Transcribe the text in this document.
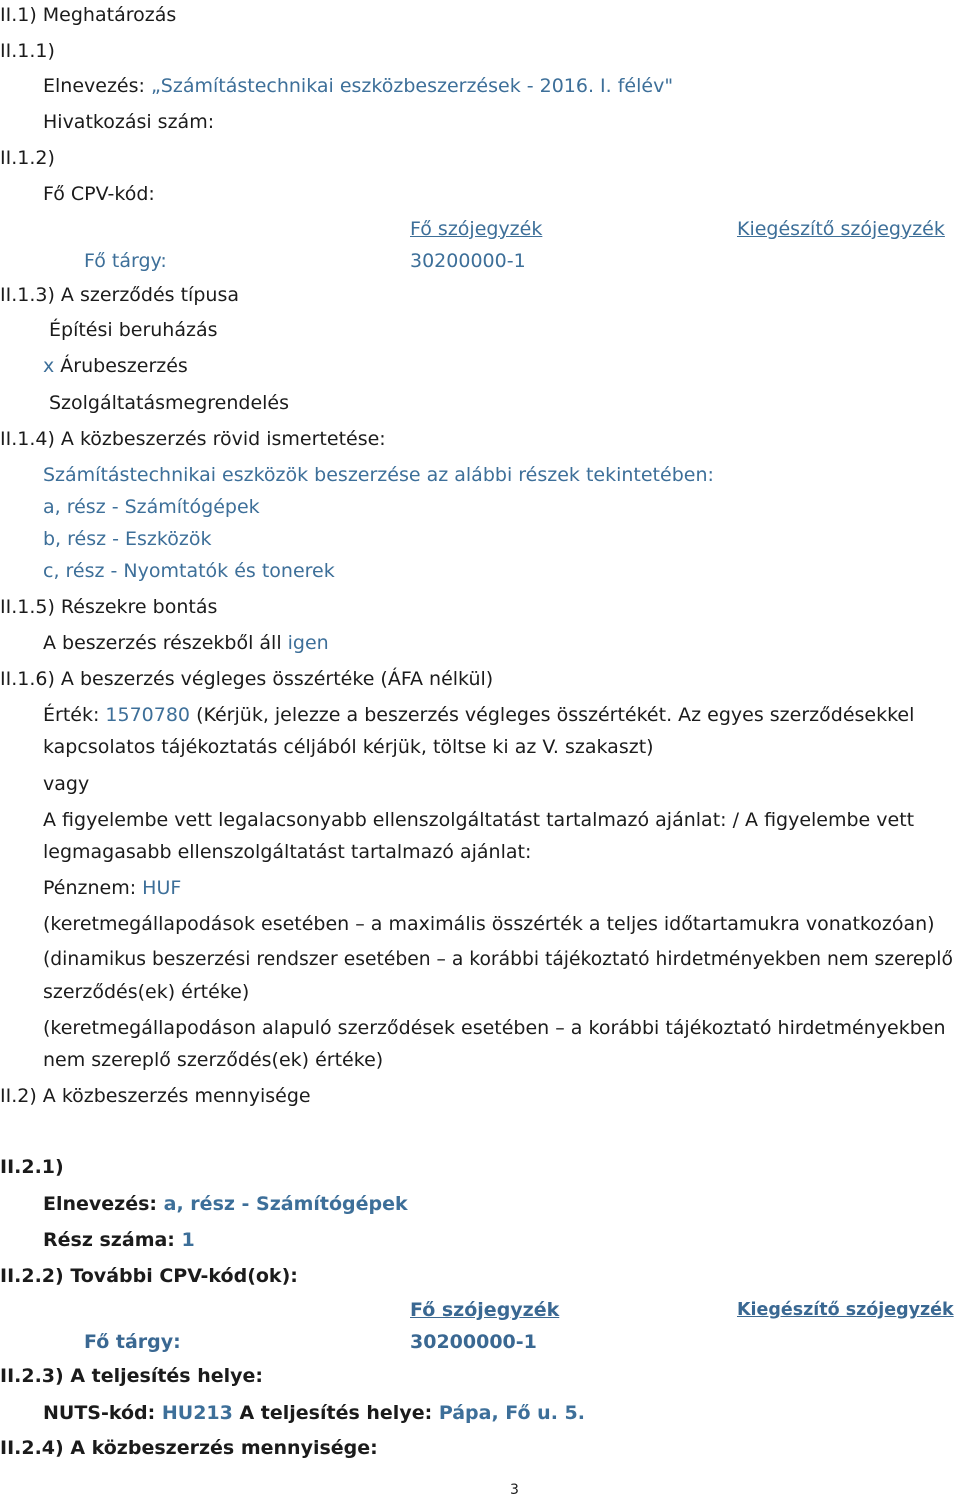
II.1) Meghatározás
II.1.1)
Elnevezés: „Számítástechnikai eszközbeszerzések - 2016. I. félév"
Hivatkozási szám:
II.1.2)
Fő CPV-kód:
Fő szójegyzék	Kiegészítő szójegyzék
Fő tárgy:	30200000-1
II.1.3) A szerződés típusa
Építési beruházás
x Árubeszerzés
Szolgáltatásmegrendelés
II.1.4) A közbeszerzés rövid ismertetése:
Számítástechnikai eszközök beszerzése az alábbi részek tekintetében:
a, rész - Számítógépek
b, rész - Eszközök
c, rész - Nyomtatók és tonerek
II.1.5) Részekre bontás
A beszerzés részekből áll igen
II.1.6) A beszerzés végleges összértéke (ÁFA nélkül)
Érték: 1570780 (Kérjük, jelezze a beszerzés végleges összértékét. Az egyes szerződésekkel
kapcsolatos tájékoztatás céljából kérjük, töltse ki az V. szakaszt)
vagy
A figyelembe vett legalacsonyabb ellenszolgáltatást tartalmazó ajánlat: / A figyelembe vett
legmagasabb ellenszolgáltatást tartalmazó ajánlat:
Pénznem: HUF
(keretmegállapodások esetében – a maximális összérték a teljes időtartamukra vonatkozóan)
(dinamikus beszerzési rendszer esetében – a korábbi tájékoztató hirdetményekben nem szereplő
szerződés(ek) értéke)
(keretmegállapodáson alapuló szerződések esetében – a korábbi tájékoztató hirdetményekben
nem szereplő szerződés(ek) értéke)
II.2) A közbeszerzés mennyisége
II.2.1)
Elnevezés: a, rész - Számítógépek
Rész száma: 1
II.2.2) További CPV-kód(ok):
Fő szójegyzék	Kiegészítő szójegyzék
Fő tárgy:	30200000-1
II.2.3) A teljesítés helye:
NUTS-kód: HU213 A teljesítés helye: Pápa, Fő u. 5.
II.2.4) A közbeszerzés mennyisége:
3
